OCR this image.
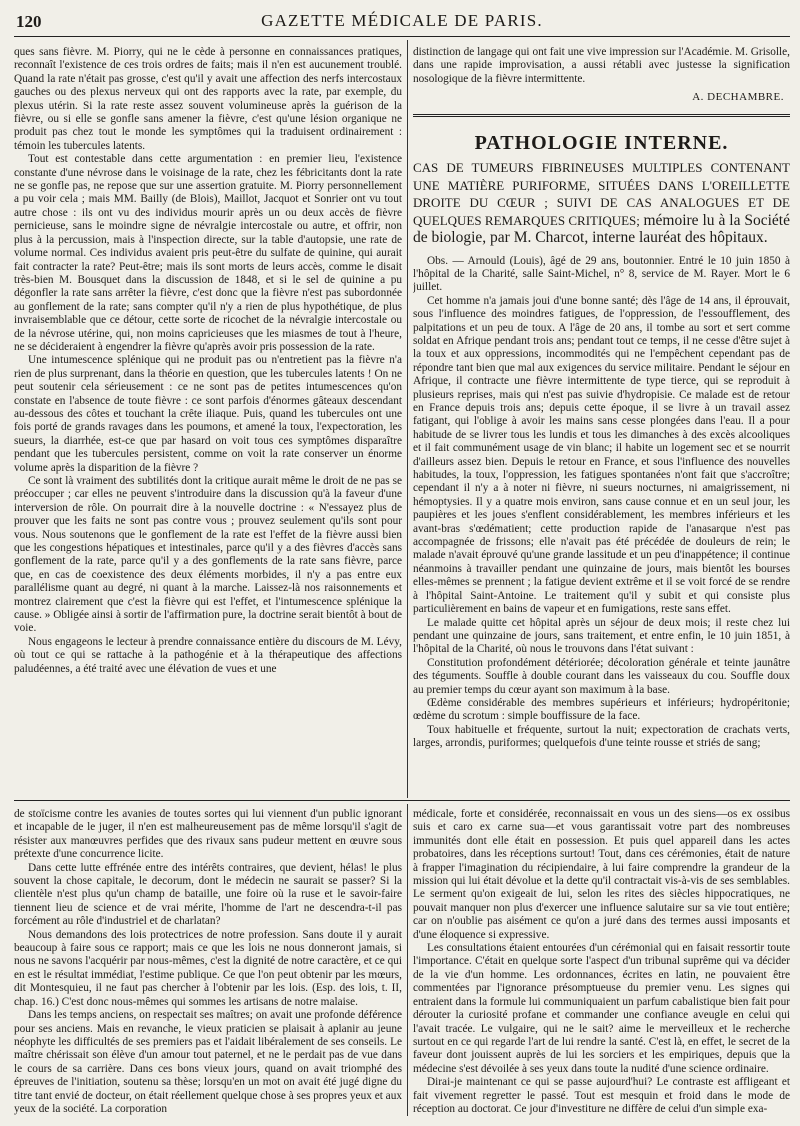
120	GAZETTE MÉDICALE DE PARIS.

ques sans fièvre. M. Piorry, qui ne le cède à personne en connaissances pratiques, reconnaît l'existence de ces trois ordres de faits; mais il n'en est aucunement troublé. Quand la rate n'était pas grosse, c'est qu'il y avait une affection des nerfs intercostaux gauches ou des plexus nerveux qui ont des rapports avec la rate, par exemple, du plexus utérin. Si la rate reste assez souvent volumineuse après la guérison de la fièvre, ou si elle se gonfle sans amener la fièvre, c'est qu'une lésion organique ne produit pas chez tout le monde les symptômes qui la traduisent ordinairement : témoin les tubercules latents.

Tout est contestable dans cette argumentation : en premier lieu, l'existence constante d'une névrose dans le voisinage de la rate, chez les fébricitants dont la rate ne se gonfle pas, ne repose que sur une assertion gratuite. M. Piorry personnellement a pu voir cela ; mais MM. Bailly (de Blois), Maillot, Jacquot et Sonrier ont vu tout autre chose : ils ont vu des individus mourir après un ou deux accès de fièvre pernicieuse, sans le moindre signe de névralgie intercostale ou autre, et offrir, non plus à la percussion, mais à l'inspection directe, sur la table d'autopsie, une rate de volume normal. Ces individus avaient pris peut-être du sulfate de quinine, qui aurait fait contracter la rate? Peut-être; mais ils sont morts de leurs accès, comme le disait très-bien M. Bousquet dans la discussion de 1848, et si le sel de quinine a pu dégonfler la rate sans arrêter la fièvre, c'est donc que la fièvre n'est pas subordonnée au gonflement de la rate; sans compter qu'il n'y a rien de plus hypothétique, de plus invraisemblable que ce détour, cette sorte de ricochet de la névralgie intercostale ou de la névrose utérine, qui, non moins capricieuses que les miasmes de tout à l'heure, ne se décideraient à engendrer la fièvre qu'après avoir pris possession de la rate.

Une intumescence splénique qui ne produit pas ou n'entretient pas la fièvre n'a rien de plus surprenant, dans la théorie en question, que les tubercules latents ! On ne peut soutenir cela sérieusement : ce ne sont pas de petites intumescences qu'on constate en l'absence de toute fièvre : ce sont parfois d'énormes gâteaux descendant au-dessous des côtes et touchant la crête iliaque. Puis, quand les tubercules ont une fois porté de grands ravages dans les poumons, et amené la toux, l'expectoration, les sueurs, la diarrhée, est-ce que par hasard on voit tous ces symptômes disparaître pendant que les tubercules persistent, comme on voit la rate conserver un énorme volume après la disparition de la fièvre ?

Ce sont là vraiment des subtilités dont la critique aurait même le droit de ne pas se préoccuper ; car elles ne peuvent s'introduire dans la discussion qu'à la faveur d'une interversion de rôle. On pourrait dire à la nouvelle doctrine : « N'essayez plus de prouver que les faits ne sont pas contre vous ; prouvez seulement qu'ils sont pour vous. Nous soutenons que le gonflement de la rate est l'effet de la fièvre aussi bien que les congestions hépatiques et intestinales, parce qu'il y a des fièvres d'accès sans gonflement de la rate, parce qu'il y a des gonflements de la rate sans fièvre, parce que, en cas de coexistence des deux éléments morbides, il n'y a pas entre eux parallélisme quant au degré, ni quant à la marche. Laissez-là nos raisonnements et montrez clairement que c'est la fièvre qui est l'effet, et l'intumescence splénique la cause. » Obligée ainsi à sortir de l'affirmation pure, la doctrine serait bientôt à bout de voie.

Nous engageons le lecteur à prendre connaissance entière du discours de M. Lévy, où tout ce qui se rattache à la pathogénie et à la thérapeutique des affections paludéennes, a été traité avec une élévation de vues et une

distinction de langage qui ont fait une vive impression sur l'Académie. M. Grisolle, dans une rapide improvisation, a aussi rétabli avec justesse la signification nosologique de la fièvre intermittente.

A. DECHAMBRE.
PATHOLOGIE INTERNE.
CAS DE TUMEURS FIBRINEUSES MULTIPLES CONTENANT UNE MATIÈRE PURIFORME, SITUÉES DANS L'OREILLETTE DROITE DU CŒUR ; SUIVI DE CAS ANALOGUES ET DE QUELQUES REMARQUES CRITIQUES; mémoire lu à la Société de biologie, par M. Charcot, interne lauréat des hôpitaux.

Obs. — Arnould (Louis), âgé de 29 ans, boutonnier. Entré le 10 juin 1850 à l'hôpital de la Charité, salle Saint-Michel, n° 8, service de M. Rayer. Mort le 6 juillet.

Cet homme n'a jamais joui d'une bonne santé; dès l'âge de 14 ans, il éprouvait, sous l'influence des moindres fatigues, de l'oppression, de l'essoufflement, des palpitations et un peu de toux. A l'âge de 20 ans, il tombe au sort et sert comme soldat en Afrique pendant trois ans; pendant tout ce temps, il ne cesse d'être sujet à la toux et aux oppressions, incommodités qui ne l'empêchent cependant pas de répondre tant bien que mal aux exigences du service militaire. Pendant le séjour en Afrique, il contracte une fièvre intermittente de type tierce, qui se reproduit à plusieurs reprises, mais qui n'est pas suivie d'hydropisie. Ce malade est de retour en France depuis trois ans; depuis cette époque, il se livre à un travail assez fatigant, qui l'oblige à avoir les mains sans cesse plongées dans l'eau. Il a pour habitude de se livrer tous les lundis et tous les dimanches à des excès alcooliques et il fait communément usage de vin blanc; il habite un logement sec et se nourrit d'ailleurs assez bien. Depuis le retour en France, et sous l'influence des nouvelles habitudes, la toux, l'oppression, les fatigues spontanées n'ont fait que s'accroître; cependant il n'y a à noter ni fièvre, ni sueurs nocturnes, ni amaigrissement, ni hémoptysies. Il y a quatre mois environ, sans cause connue et en un seul jour, les paupières et les joues s'enflent considérablement, les membres inférieurs et les avant-bras s'œdématient; cette production rapide de l'anasarque n'est pas accompagnée de frissons; elle n'avait pas été précédée de douleurs de rein; le malade n'avait éprouvé qu'une grande lassitude et un peu d'inappétence; il continue néanmoins à travailler pendant une quinzaine de jours, mais bientôt les bourses elles-mêmes se prennent ; la fatigue devient extrême et il se voit forcé de se rendre à l'hôpital Saint-Antoine. Le traitement qu'il y subit et qui consiste plus particulièrement en bains de vapeur et en fumigations, reste sans effet.

Le malade quitte cet hôpital après un séjour de deux mois; il reste chez lui pendant une quinzaine de jours, sans traitement, et entre enfin, le 10 juin 1851, à l'hôpital de la Charité, où nous le trouvons dans l'état suivant :

Constitution profondément détériorée; décoloration générale et teinte jaunâtre des téguments. Souffle à double courant dans les vaisseaux du cou. Souffle doux au premier temps du cœur ayant son maximum à la base.

Œdème considérable des membres supérieurs et inférieurs; hydropéritonie; œdème du scrotum : simple bouffissure de la face.

Toux habituelle et fréquente, surtout la nuit; expectoration de crachats verts, larges, arrondis, puriformes; quelquefois d'une teinte rousse et striés de sang;

de stoïcisme contre les avanies de toutes sortes qui lui viennent d'un public ignorant et incapable de le juger, il n'en est malheureusement pas de même lorsqu'il s'agit de résister aux manœuvres perfides que des rivaux sans pudeur mettent en œuvre sous prétexte d'une concurrence licite.

Dans cette lutte effrénée entre des intérêts contraires, que devient, hélas! le plus souvent la chose capitale, le decorum, dont le médecin ne saurait se passer? Si la clientèle n'est plus qu'un champ de bataille, une foire où la ruse et le savoir-faire tiennent lieu de science et de vrai mérite, l'homme de l'art ne descendra-t-il pas forcément au rôle d'industriel et de charlatan?

Nous demandons des lois protectrices de notre profession. Sans doute il y aurait beaucoup à faire sous ce rapport; mais ce que les lois ne nous donneront jamais, si nous ne savons l'acquérir par nous-mêmes, c'est la dignité de notre caractère, et ce qui en est le résultat immédiat, l'estime publique. Ce que l'on peut obtenir par les mœurs, dit Montesquieu, il ne faut pas chercher à l'obtenir par les lois. (Esp. des lois, t. II, chap. 16.) C'est donc nous-mêmes qui sommes les artisans de notre malaise.

Dans les temps anciens, on respectait ses maîtres; on avait une profonde déférence pour ses anciens. Mais en revanche, le vieux praticien se plaisait à aplanir au jeune néophyte les difficultés de ses premiers pas et l'aidait libéralement de ses conseils. Le maître chérissait son élève d'un amour tout paternel, et ne le perdait pas de vue dans le cours de sa carrière. Dans ces bons vieux jours, quand on avait triomphé des épreuves de l'initiation, soutenu sa thèse; lorsqu'en un mot on avait été jugé digne du titre tant envié de docteur, on était réellement quelque chose à ses propres yeux et aux yeux de la société. La corporation

médicale, forte et considérée, reconnaissait en vous un des siens—os ex ossibus suis et caro ex carne sua—et vous garantissait votre part des nombreuses immunités dont elle était en possession. Et puis quel appareil dans les actes probatoires, dans les réceptions surtout! Tout, dans ces cérémonies, était de nature à frapper l'imagination du récipiendaire, à lui faire comprendre la grandeur de la mission qui lui était dévolue et la dette qu'il contractait vis-à-vis de ses semblables. Le serment qu'on exigeait de lui, selon les rites des siècles hippocratiques, ne pouvait manquer non plus d'exercer une influence salutaire sur sa vie tout entière; car on n'oublie pas aisément ce qu'on a juré dans des termes aussi imposants et d'une éloquence si expressive.

Les consultations étaient entourées d'un cérémonial qui en faisait ressortir toute l'importance. C'était en quelque sorte l'aspect d'un tribunal suprême qui va décider de la vie d'un homme. Les ordonnances, écrites en latin, ne pouvaient être commentées par l'ignorance présomptueuse du premier venu. Les signes qui entraient dans la formule lui communiquaient un parfum cabalistique bien fait pour dérouter la curiosité profane et commander une confiance aveugle en celui qui l'avait tracée. Le vulgaire, qui ne le sait? aime le merveilleux et le recherche surtout en ce qui regarde l'art de lui rendre la santé. C'est là, en effet, le secret de la faveur dont jouissent auprès de lui les sorciers et les empiriques, depuis que la médecine s'est dévoilée à ses yeux dans toute la nudité d'une science ordinaire.

Dirai-je maintenant ce qui se passe aujourd'hui? Le contraste est affligeant et fait vivement regretter le passé. Tout est mesquin et froid dans le mode de réception au doctorat. Ce jour d'investiture ne diffère de celui d'un simple exa-
